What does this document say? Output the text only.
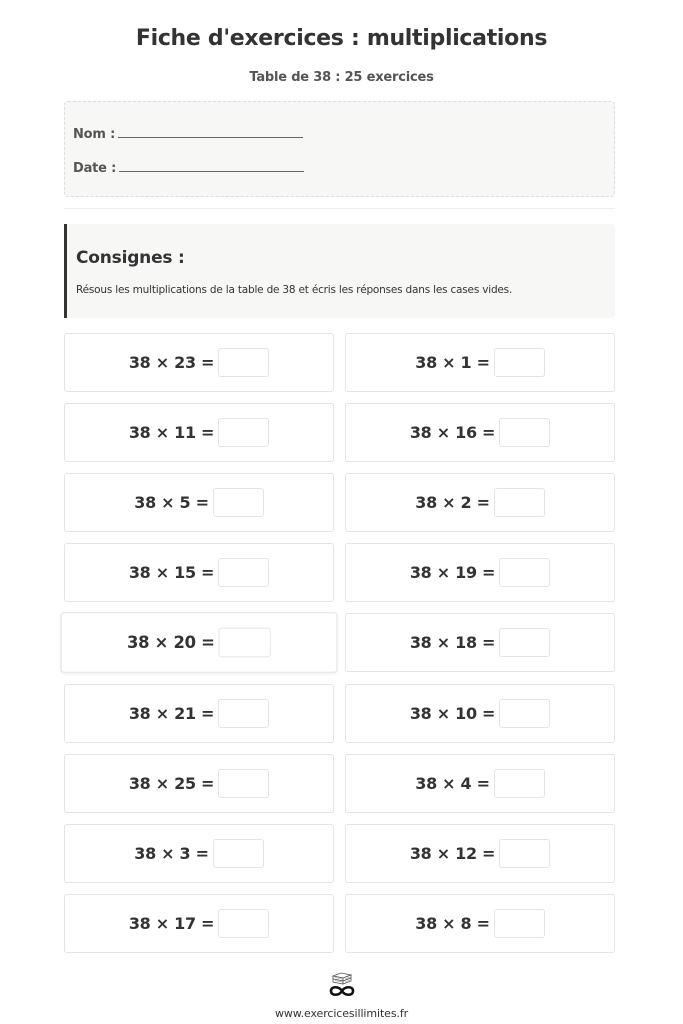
Fiche d'exercices : multiplications
Table de 38 : 25 exercices
Nom :
Date :
Consignes :
Résous les multiplications de la table de 38 et écris les réponses dans les cases vides.
38 × 23 =	38 × 1 =
38 × 11 =	38 × 16 =
38 × 5 =	38 × 2 =
38 × 15 =	38 × 19 =
38 × 20 =	38 × 18 =
38 × 21 =	38 × 10 =
38 × 25 =	38 × 4 =
38 × 3 =	38 × 12 =
38 × 17 =	38 × 8 =
www.exercicesillimites.fr
